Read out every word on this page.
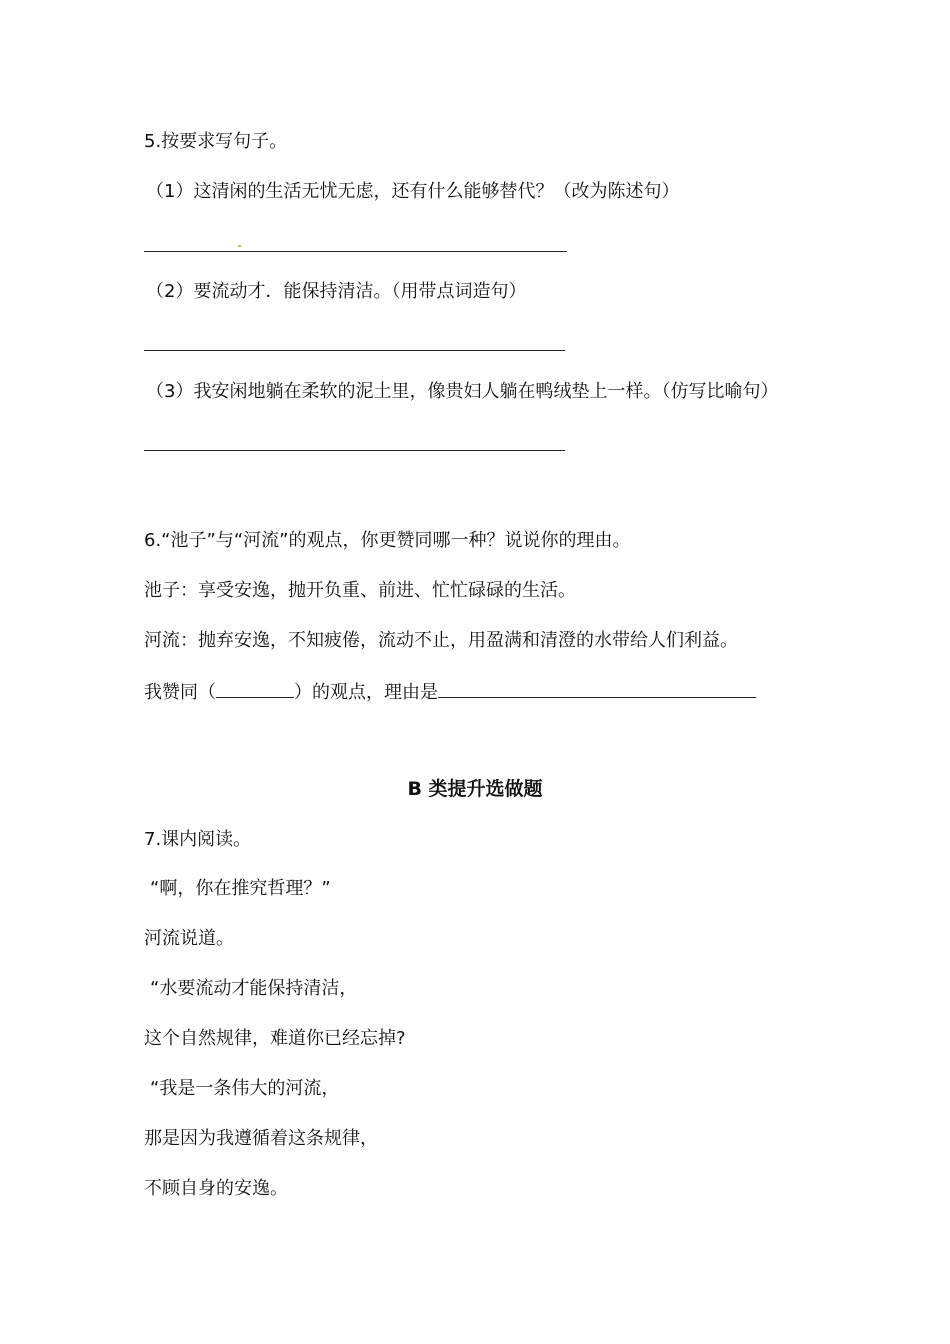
5.按要求写句子。
（1）这清闲的生活无忧无虑，还有什么能够替代？（改为陈述句）
（2）要流动才．能保持清洁。（用带点词造句）
（3）我安闲地躺在柔软的泥土里，像贵妇人躺在鸭绒垫上一样。（仿写比喻句）
6.“池子”与“河流”的观点，你更赞同哪一种？说说你的理由。
池子：享受安逸，抛开负重、前进、忙忙碌碌的生活。
河流：抛弃安逸，不知疲倦，流动不止，用盈满和清澄的水带给人们利益。
我赞同（	）的观点，理由是
B 类提升选做题
7.课内阅读。
“啊，你在推究哲理？”
河流说道。
“水要流动才能保持清洁，
这个自然规律，难道你已经忘掉?
“我是一条伟大的河流，
那是因为我遵循着这条规律，
不顾自身的安逸。
